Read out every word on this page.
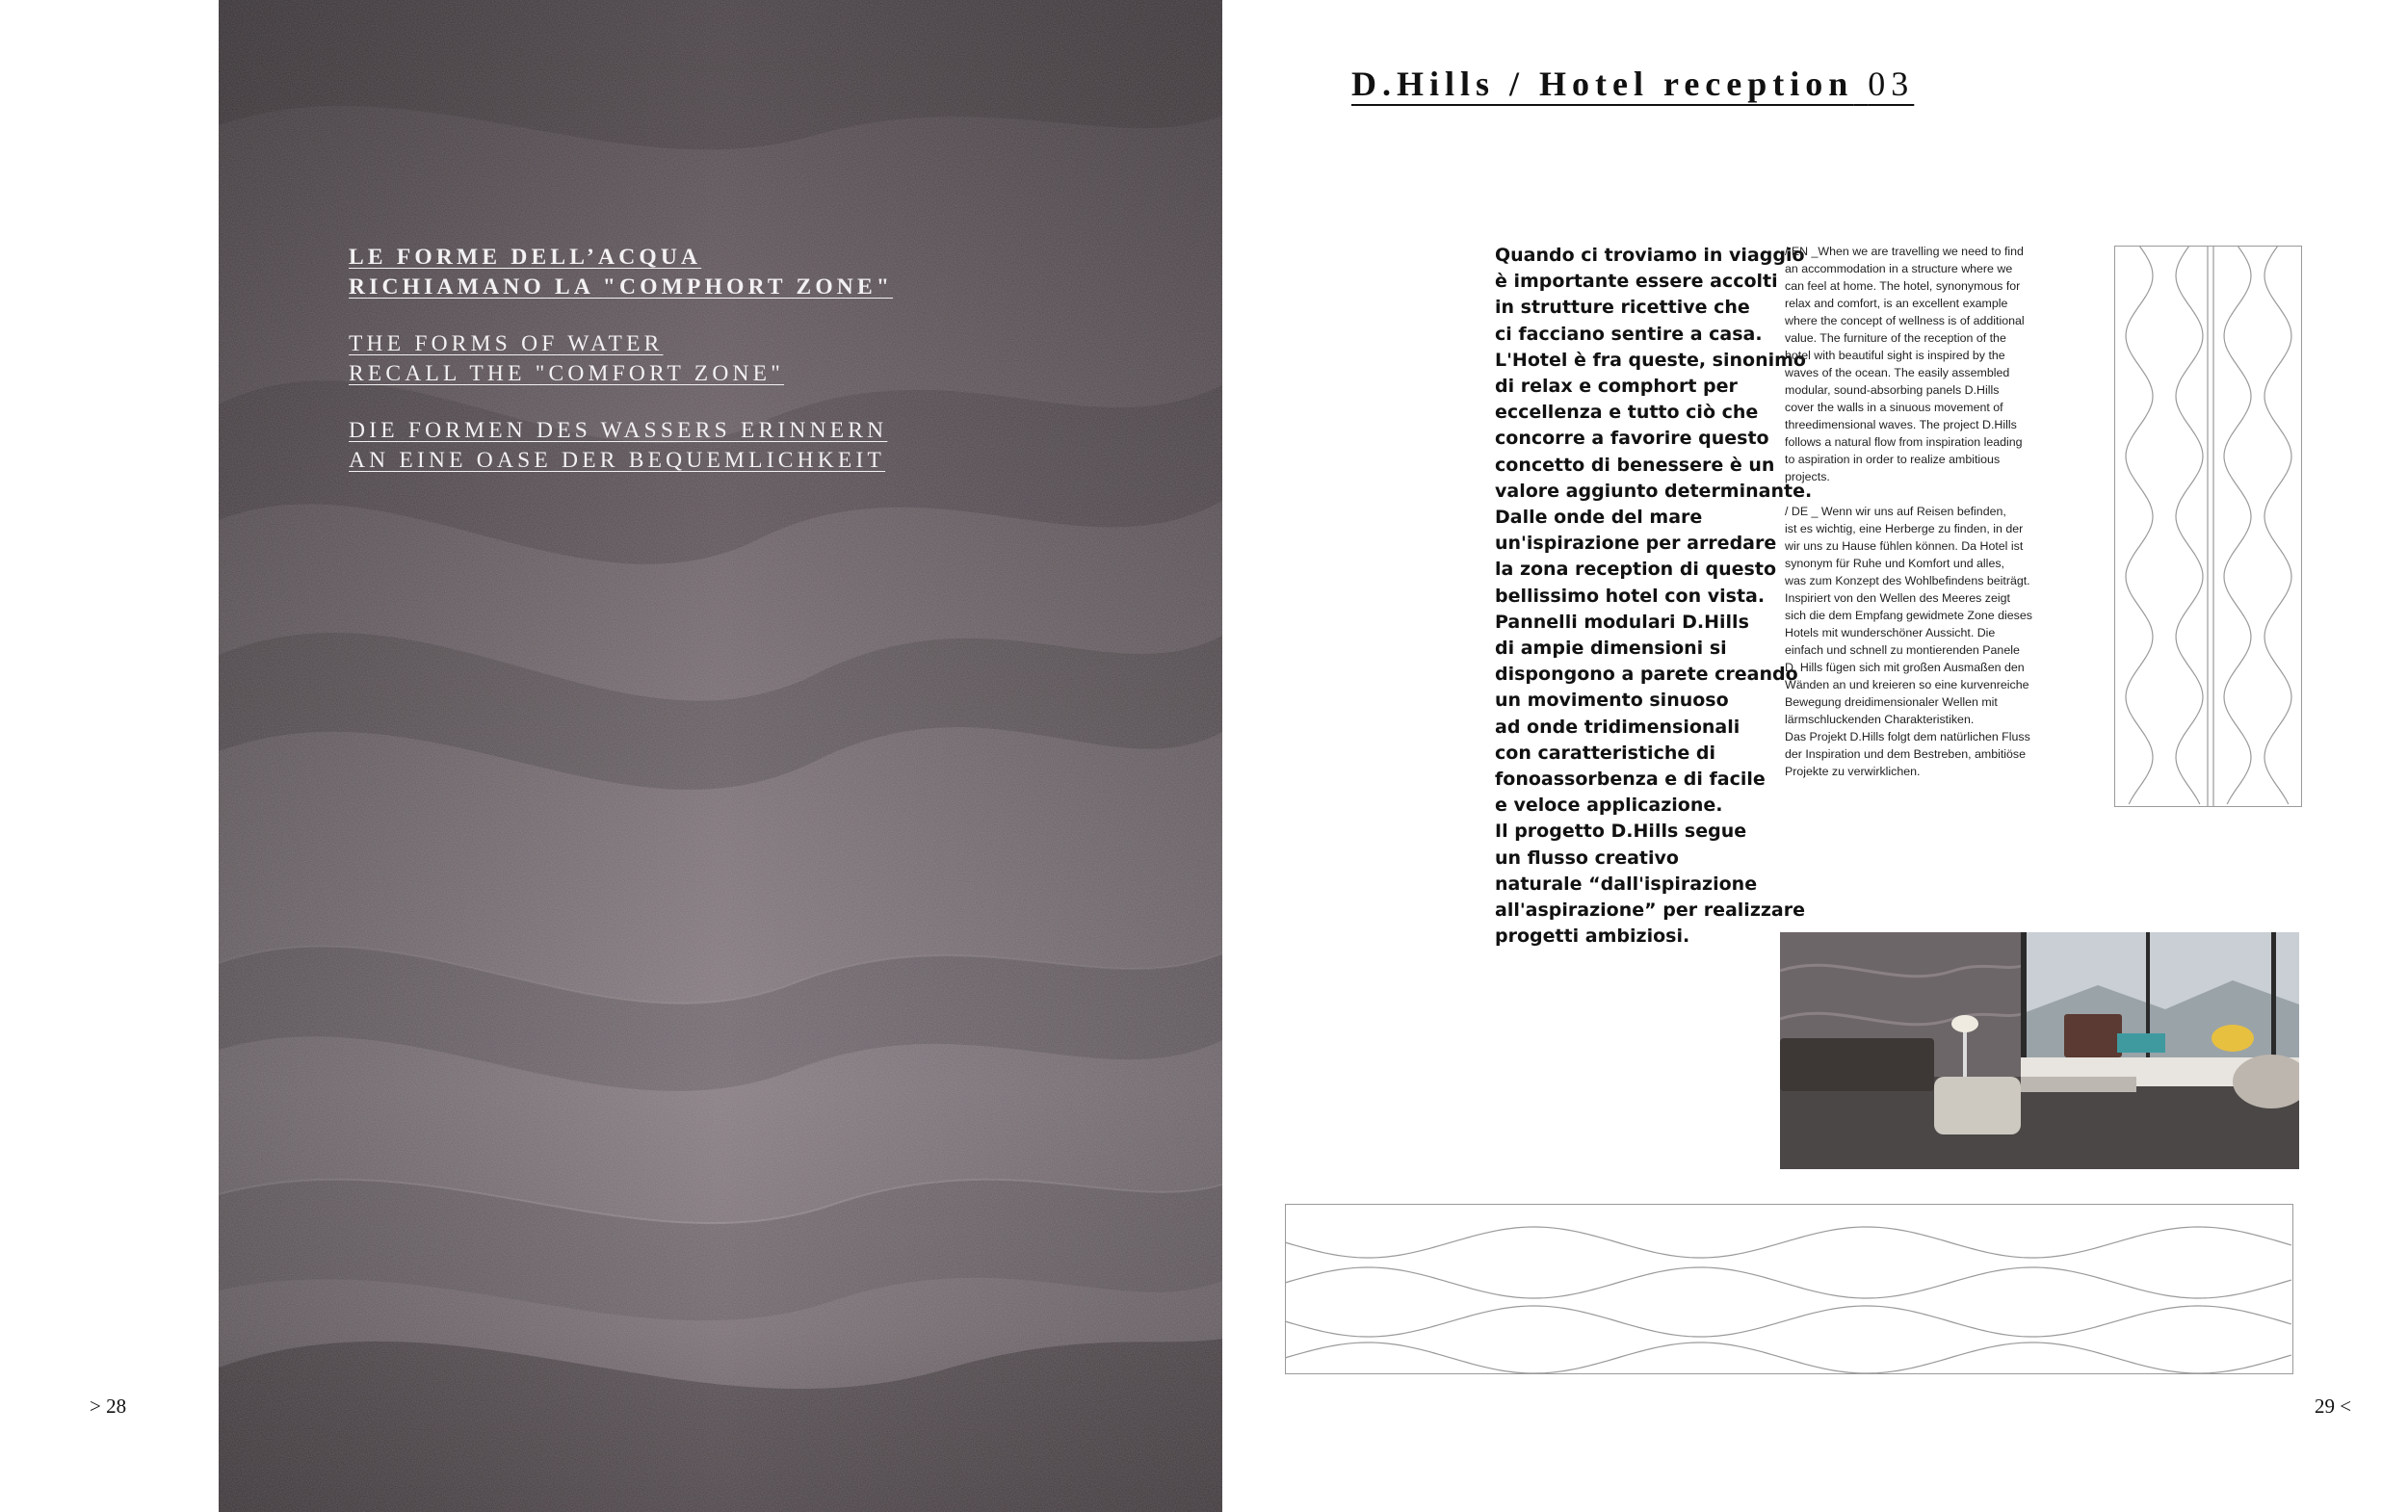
LE FORME DELL’ACQUA
RICHIAMANO LA "COMPHORT ZONE"
THE FORMS OF WATER
RECALL THE "COMFORT ZONE"
DIE FORMEN DES WASSERS ERINNERN
AN EINE OASE DER BEQUEMLICHKEIT
> 28
D.Hills / Hotel reception 03
Quando ci troviamo in viaggio
è importante essere accolti
in strutture ricettive che
ci facciano sentire a casa.
L'Hotel è fra queste, sinonimo
di relax e comphort per
eccellenza e tutto ciò che
concorre a favorire questo
concetto di benessere è un
valore aggiunto determinante.
Dalle onde del mare
un'ispirazione per arredare
la zona reception di questo
bellissimo hotel con vista.
Pannelli modulari D.Hills
di ampie dimensioni si
dispongono a parete creando
un movimento sinuoso
ad onde tridimensionali
con caratteristiche di
fonoassorbenza e di facile
e veloce applicazione.
Il progetto D.Hills segue
un flusso creativo
naturale “dall'ispirazione
all'aspirazione” per realizzare
progetti ambiziosi.
/ EN _When we are travelling we need to find
an accommodation in a structure where we
can feel at home. The hotel, synonymous for
relax and comfort, is an excellent example
where the concept of wellness is of additional
value. The furniture of the reception of the
hotel with beautiful sight is inspired by the
waves of the ocean. The easily assembled
modular, sound-absorbing panels D.Hills
cover the walls in a sinuous movement of
threedimensional waves. The project D.Hills
follows a natural flow from inspiration leading
to aspiration in order to realize ambitious
projects.
/ DE _ Wenn wir uns auf Reisen befinden,
ist es wichtig, eine Herberge zu finden, in der
wir uns zu Hause fühlen können. Da Hotel ist
synonym für Ruhe und Komfort und alles,
was zum Konzept des Wohlbefindens beiträgt.
Inspiriert von den Wellen des Meeres zeigt
sich die dem Empfang gewidmete Zone dieses
Hotels mit wunderschöner Aussicht. Die
einfach und schnell zu montierenden Panele
D. Hills fügen sich mit großen Ausmaßen den
Wänden an und kreieren so eine kurvenreiche
Bewegung dreidimensionaler Wellen mit
lärmschluckenden Charakteristiken.
Das Projekt D.Hills folgt dem natürlichen Fluss
der Inspiration und dem Bestreben, ambitiöse
Projekte zu verwirklichen.
29 <
